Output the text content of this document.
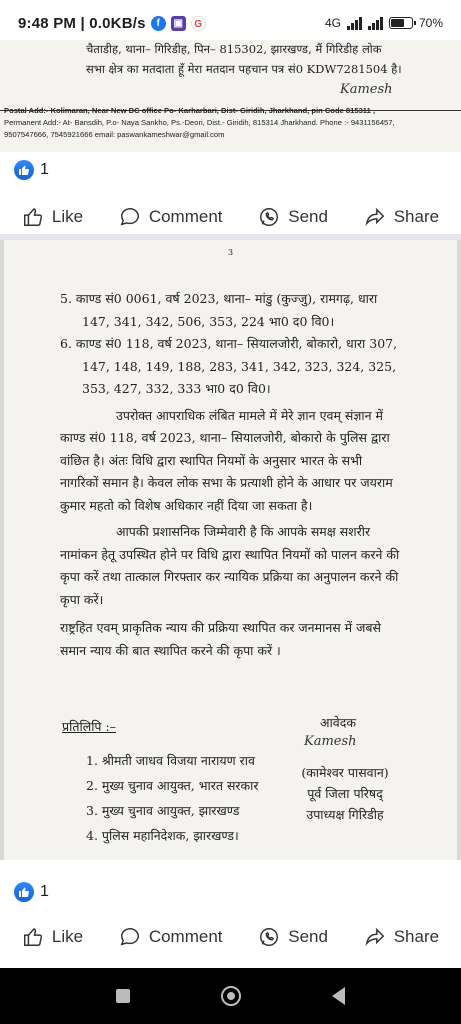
9:48 PM | 0.0KB/s	f	▣	G	4G	70%
चैताडीह, थाना– गिरिडीह, पिन– 815302, झारखण्ड, मैं गिरिडीह लोक
सभा क्षेत्र का मतदाता हूँ मेरा मतदान पहचान पत्र सं0 KDW7281504 है।
Kamesh
Postal Add:- Kolimaran, Near New DC office Po- Karharbari, Dist- Giridih, Jharkhand, pin Code 815311 ,
Permanent Add:- At- Bansdih, P.o- Naya Sankho, Ps.-Deori, Dist.- Giridih, 815314 Jharkhand. Phone :- 9431156457,
9507547666, 7545921666 email: paswankameshwar@gmail.com
1
Like	Comment	Send	Share
3

5. काण्ड सं0 0061, वर्ष 2023, थाना– मांडु (कुज्जु), रामगढ़, धारा 147, 341, 342, 506, 353, 224 भा0 द0 वि0।

6. काण्ड सं0 118, वर्ष 2023, थाना– सियालजोरी, बोकारो, धारा 307, 147, 148, 149, 188, 283, 341, 342, 323, 324, 325, 353, 427, 332, 333 भा0 द0 वि0।

उपरोक्त आपराधिक लंबित मामले में मेरे ज्ञान एवम् संज्ञान में काण्ड सं0 118, वर्ष 2023, थाना– सियालजोरी, बोकारो के पुलिस द्वारा वांछित है। अंतः विधि द्वारा स्थापित नियमों के अनुसार भारत के सभी नागरिकों समान है। केवल लोक सभा के प्रत्याशी होने के आधार पर जयराम कुमार महतो को विशेष अधिकार नहीं दिया जा सकता है।

आपकी प्रशासनिक जिम्मेवारी है कि आपके समक्ष सशरीर नामांकन हेतू उपस्थित होने पर विधि द्वारा स्थापित नियमों को पालन करने की कृपा करें तथा तात्काल गिरफ्तार कर न्यायिक प्रक्रिया का अनुपालन करने की कृपा करें।

राष्ट्रहित एवम् प्राकृतिक न्याय की प्रक्रिया स्थापित कर जनमानस में जबसे समान न्याय की बात स्थापित करने की कृपा करें ।

प्रतिलिपि :–
1. श्रीमती जाधव विजया नारायण राव
2. मुख्य चुनाव आयुक्त, भारत सरकार
3. मुख्य चुनाव आयुक्त, झारखण्ड
4. पुलिस महानिदेशक, झारखण्ड।
आवेदक
Kamesh
(कामेश्वर पासवान)
पूर्व जिला परिषद्
उपाध्यक्ष गिरिडीह
1
Like	Comment	Send	Share
